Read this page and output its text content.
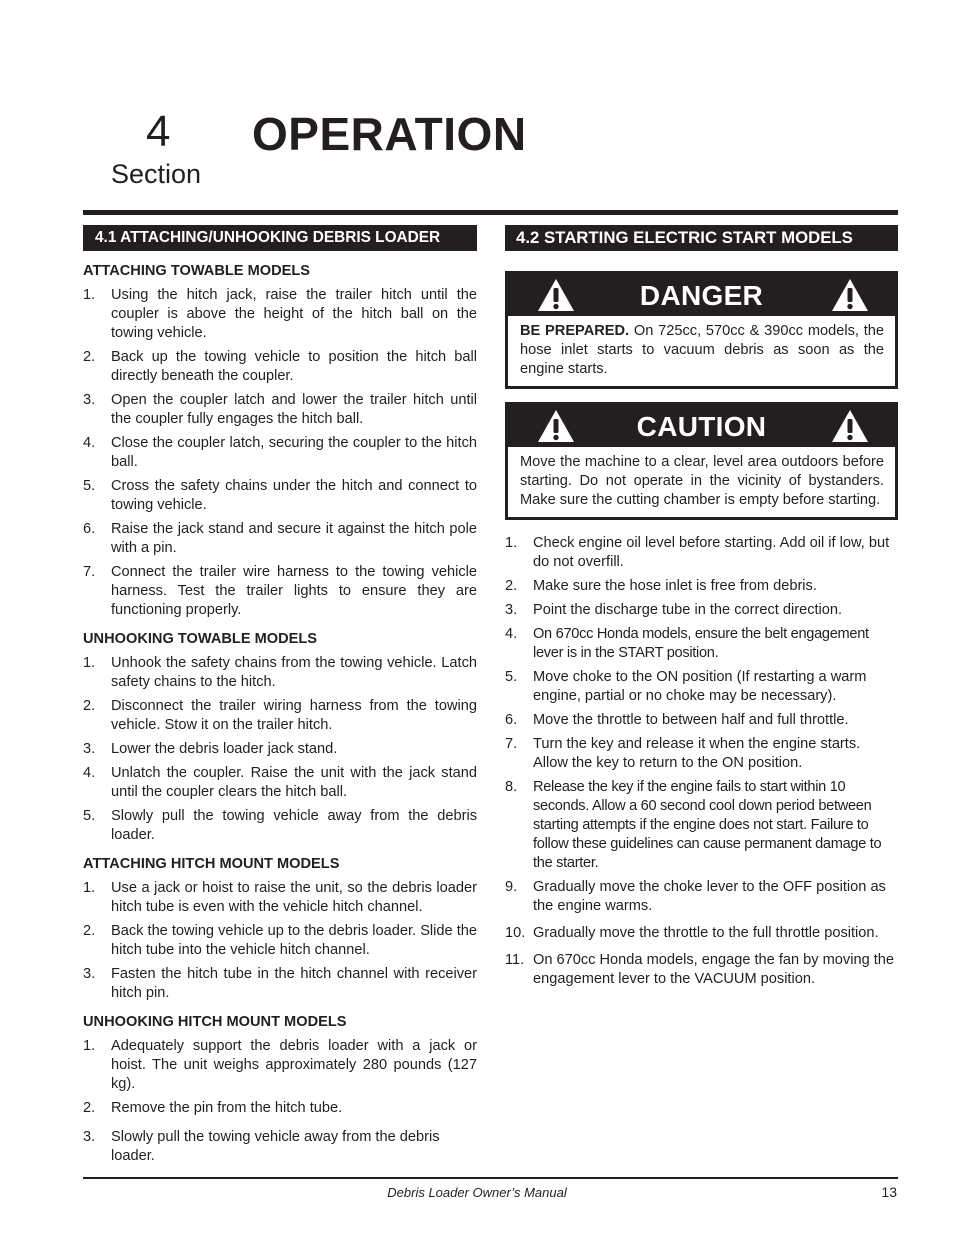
4 OPERATION
Section
4.1 ATTACHING/UNHOOKING DEBRIS LOADER
ATTACHING TOWABLE MODELS
1.	Using the hitch jack, raise the trailer hitch until the coupler is above the height of the hitch ball on the towing vehicle.
2.	Back up the towing vehicle to position the hitch ball directly beneath the coupler.
3.	Open the coupler latch and lower the trailer hitch until the coupler fully engages the hitch ball.
4.	Close the coupler latch, securing the coupler to the hitch ball.
5.	Cross the safety chains under the hitch and connect to towing vehicle.
6.	Raise the jack stand and secure it against the hitch pole with a pin.
7.	Connect the trailer wire harness to the towing vehicle harness. Test the trailer lights to ensure they are functioning properly.
UNHOOKING TOWABLE MODELS
1.	Unhook the safety chains from the towing vehicle. Latch safety chains to the hitch.
2.	Disconnect the trailer wiring harness from the towing vehicle. Stow it on the trailer hitch.
3.	Lower the debris loader jack stand.
4.	Unlatch the coupler. Raise the unit with the jack stand until the coupler clears the hitch ball.
5.	Slowly pull the towing vehicle away from the debris loader.
ATTACHING HITCH MOUNT MODELS
1.	Use a jack or hoist to raise the unit, so the debris loader hitch tube is even with the vehicle hitch channel.
2.	Back the towing vehicle up to the debris loader. Slide the hitch tube into the vehicle hitch channel.
3.	Fasten the hitch tube in the hitch channel with receiver hitch pin.
UNHOOKING HITCH MOUNT MODELS
1.	Adequately support the debris loader with a jack or hoist. The unit weighs approximately 280 pounds (127 kg).
2.	Remove the pin from the hitch tube.
3.	Slowly pull the towing vehicle away from the debris loader.
4.2 STARTING ELECTRIC START MODELS
DANGER
BE PREPARED. On 725cc, 570cc & 390cc models, the hose inlet starts to vacuum debris as soon as the engine starts.
CAUTION
Move the machine to a clear, level area outdoors before starting. Do not operate in the vicinity of bystanders. Make sure the cutting chamber is empty before starting.
1.	Check engine oil level before starting. Add oil if low, but do not overfill.
2.	Make sure the hose inlet is free from debris.
3.	Point the discharge tube in the correct direction.
4.	On 670cc Honda models, ensure the belt engagement lever is in the START position.
5.	Move choke to the ON position (If restarting a warm engine, partial or no choke may be necessary).
6.	Move the throttle to between half and full throttle.
7.	Turn the key and release it when the engine starts. Allow the key to return to the ON position.
8.	Release the key if the engine fails to start within 10 seconds. Allow a 60 second cool down period between starting attempts if the engine does not start. Failure to follow these guidelines can cause permanent damage to the starter.
9.	Gradually move the choke lever to the OFF position as the engine warms.
10. Gradually move the throttle to the full throttle position.
11. On 670cc Honda models, engage the fan by moving the engagement lever to the VACUUM position.
Debris Loader Owner’s Manual	13
